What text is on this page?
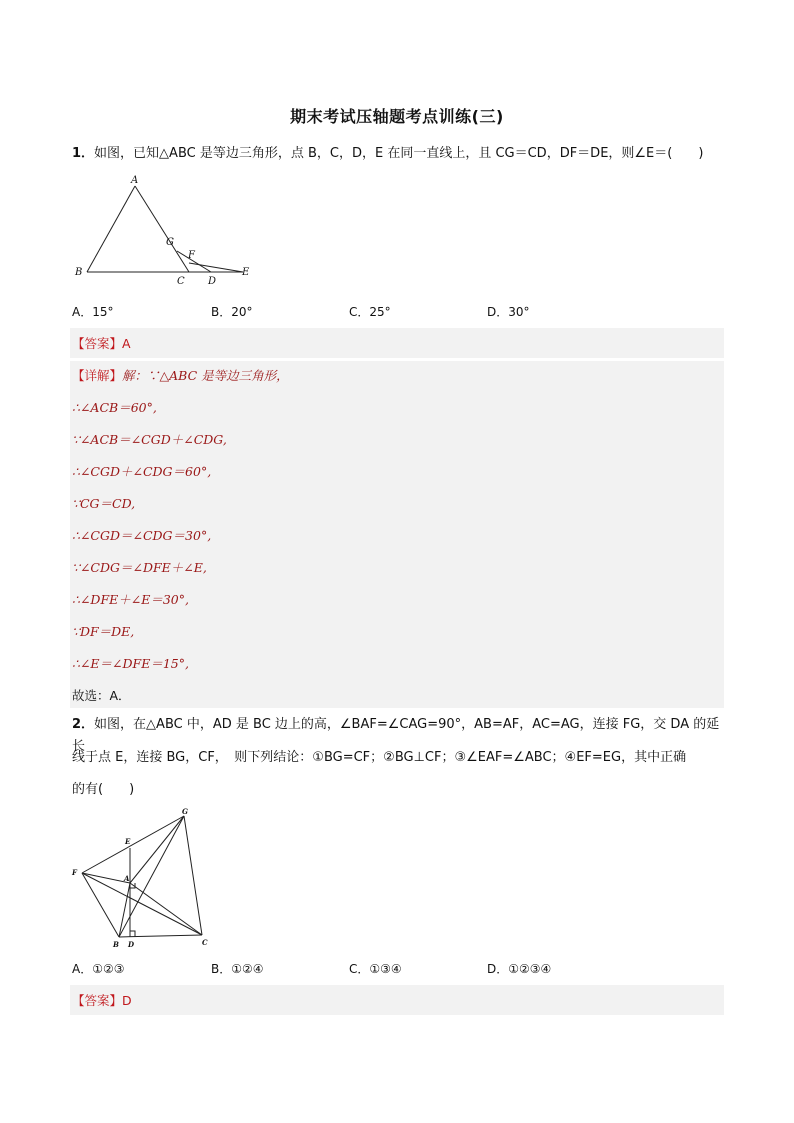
期末考试压轴题考点训练(三)
1．如图，已知△ABC 是等边三角形，点 B，C，D，E 在同一直线上，且 CG＝CD，DF＝DE，则∠E＝(　　)
A
B
C D
E
F
G
A．15°	B．20°	C．25°	D．30°
【答案】A
【详解】解：∵△ABC 是等边三角形，
∴∠ACB＝60°,
∵∠ACB＝∠CGD＋∠CDG,
∴∠CGD＋∠CDG＝60°,
∵CG＝CD,
∴∠CGD＝∠CDG＝30°,
∵∠CDG＝∠DFE＋∠E,
∴∠DFE＋∠E＝30°,
∵DF＝DE,
∴∠E＝∠DFE＝15°,
故选：A．
2．如图，在△ABC 中，AD 是 BC 边上的高，∠BAF=∠CAG=90°，AB=AF，AC=AG，连接 FG，交 DA 的延长
线于点 E，连接 BG，CF，　则下列结论：①BG=CF；②BG⊥CF；③∠EAF=∠ABC；④EF=EG，其中正确
的有(　　)
A
B	C
D
E
F
G
A．①②③	B．①②④	C．①③④	D．①②③④
【答案】D
